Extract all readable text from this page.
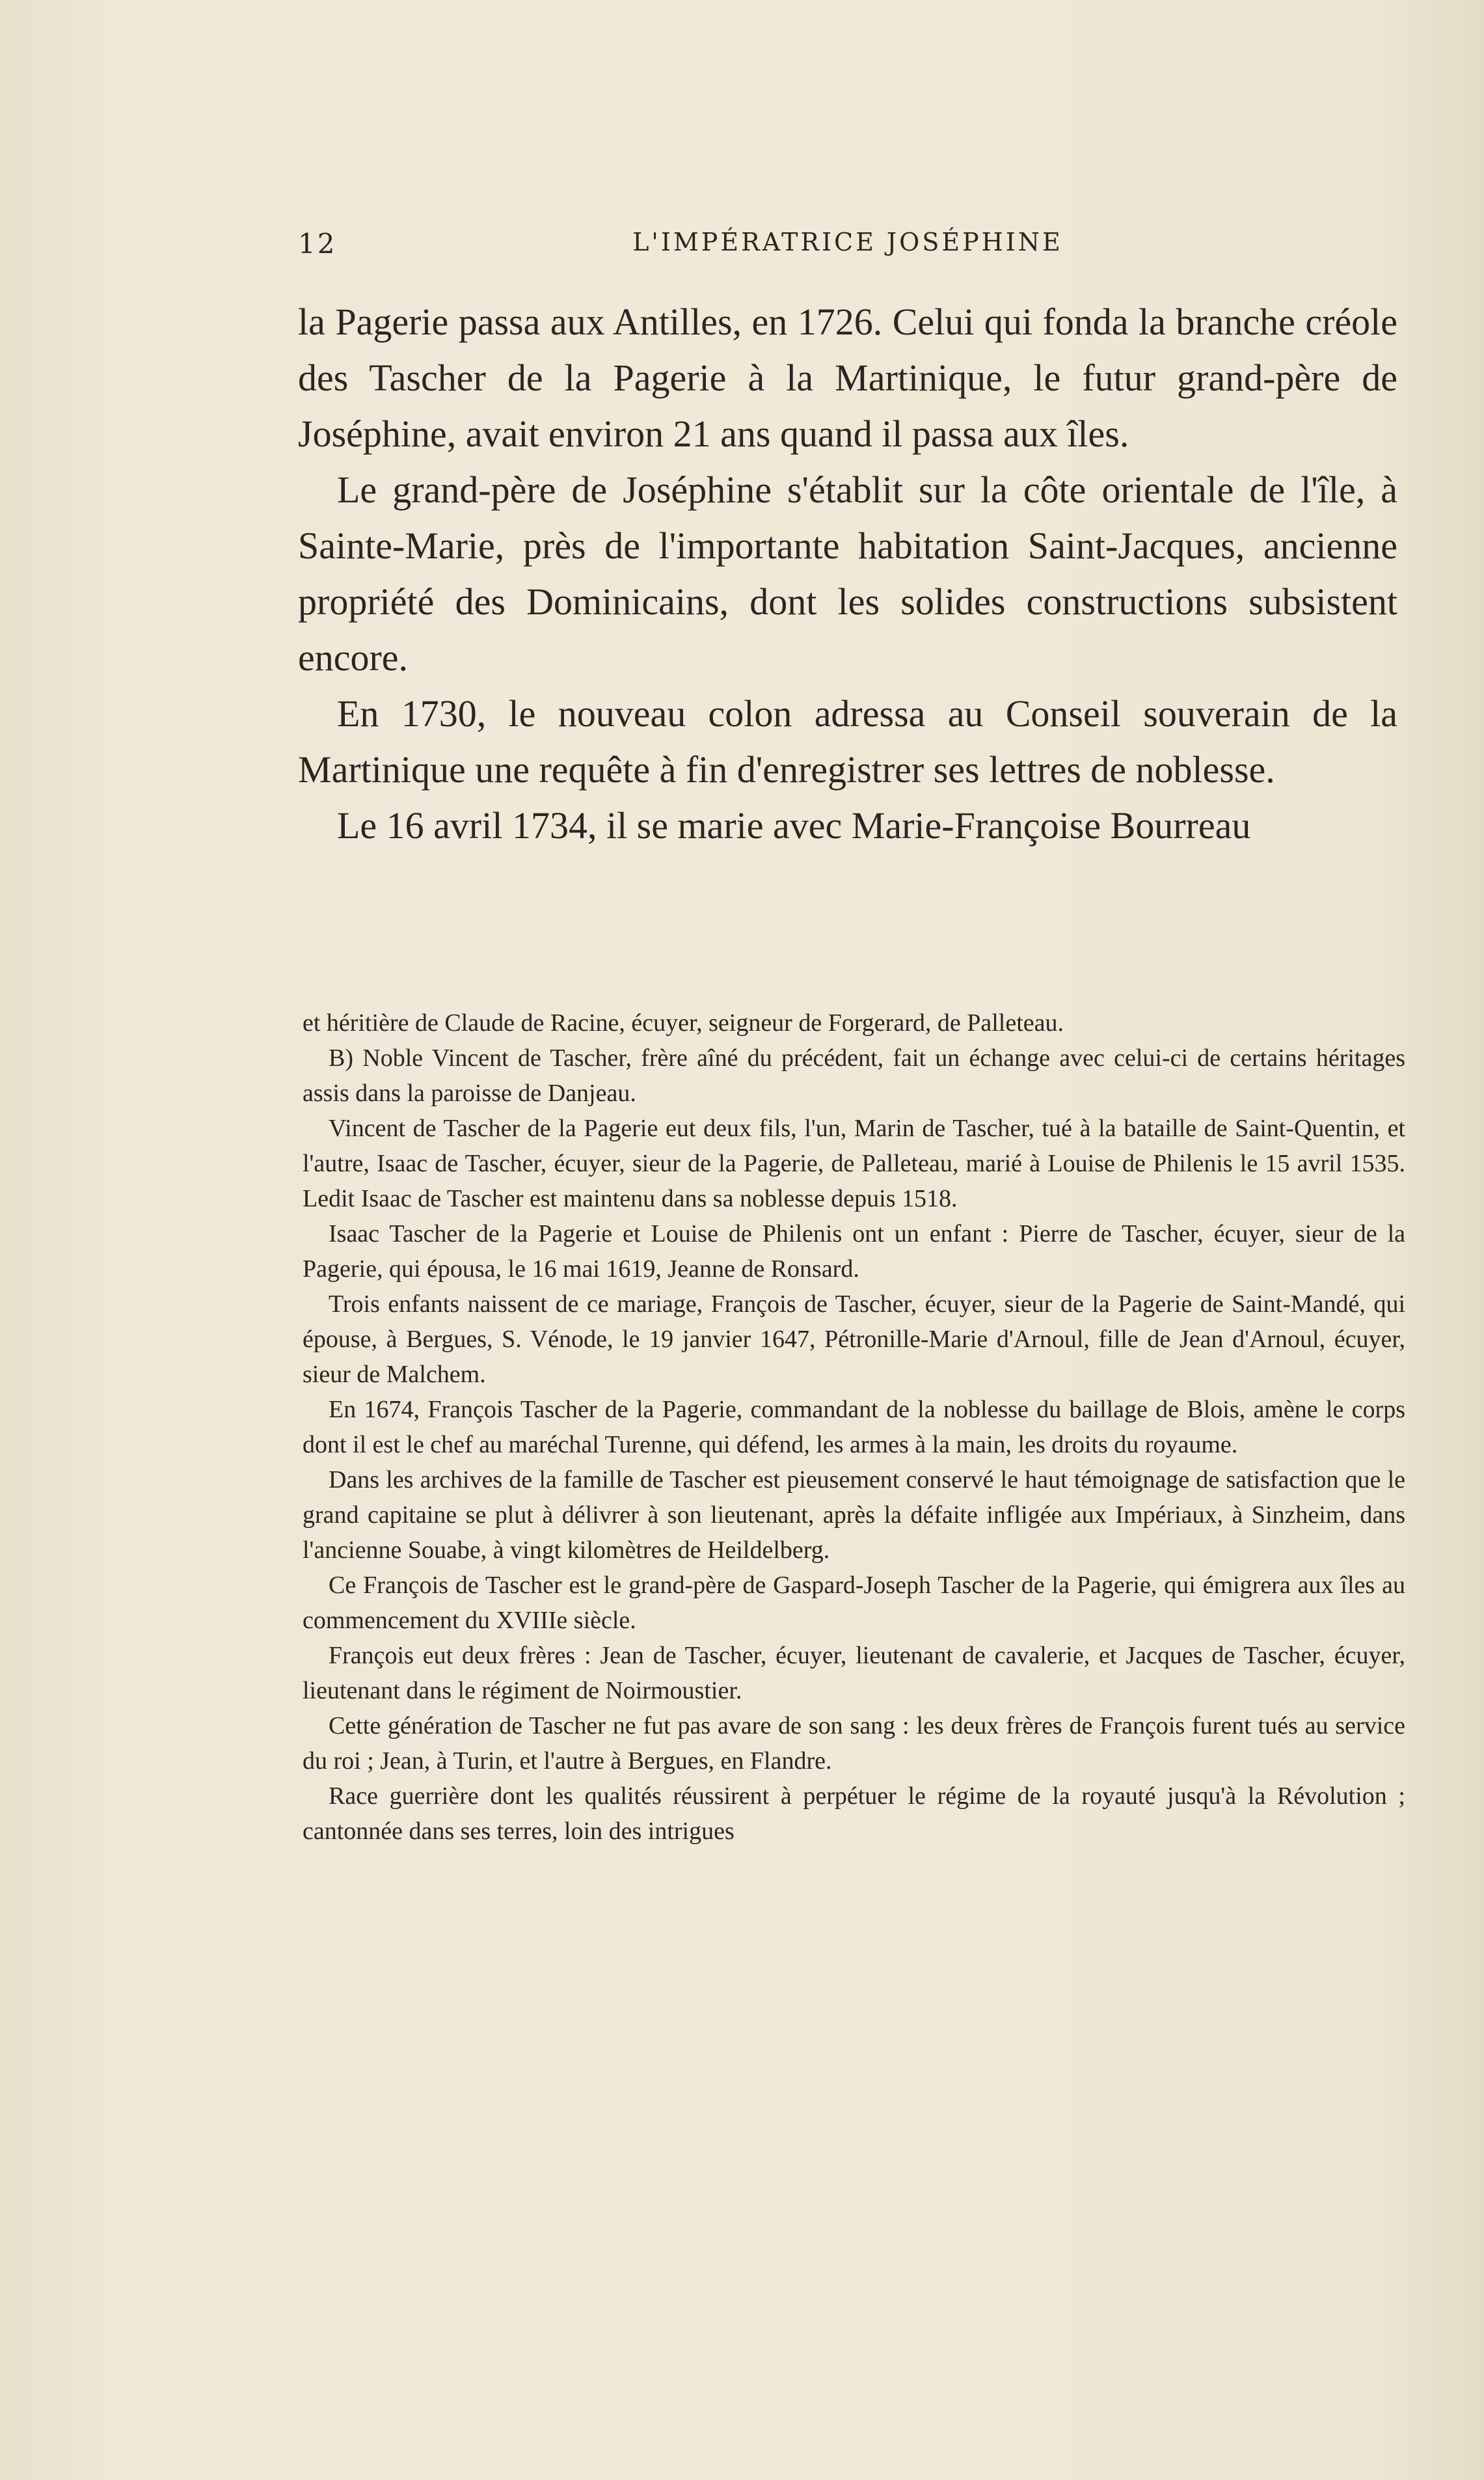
12	L'IMPÉRATRICE JOSÉPHINE

la Pagerie passa aux Antilles, en 1726. Celui qui fonda la branche créole des Tascher de la Pagerie à la Martinique, le futur grand-père de Joséphine, avait environ 21 ans quand il passa aux îles.

Le grand-père de Joséphine s'établit sur la côte orientale de l'île, à Sainte-Marie, près de l'importante habitation Saint-Jacques, ancienne propriété des Dominicains, dont les solides constructions subsistent encore.

En 1730, le nouveau colon adressa au Conseil souverain de la Martinique une requête à fin d'enregistrer ses lettres de noblesse.

Le 16 avril 1734, il se marie avec Marie-Françoise Bourreau

et héritière de Claude de Racine, écuyer, seigneur de Forgerard, de Palleteau.

B) Noble Vincent de Tascher, frère aîné du précédent, fait un échange avec celui-ci de certains héritages assis dans la paroisse de Danjeau.

Vincent de Tascher de la Pagerie eut deux fils, l'un, Marin de Tascher, tué à la bataille de Saint-Quentin, et l'autre, Isaac de Tascher, écuyer, sieur de la Pagerie, de Palleteau, marié à Louise de Philenis le 15 avril 1535. Ledit Isaac de Tascher est maintenu dans sa noblesse depuis 1518.

Isaac Tascher de la Pagerie et Louise de Philenis ont un enfant : Pierre de Tascher, écuyer, sieur de la Pagerie, qui épousa, le 16 mai 1619, Jeanne de Ronsard.

Trois enfants naissent de ce mariage, François de Tascher, écuyer, sieur de la Pagerie de Saint-Mandé, qui épouse, à Bergues, S. Vénode, le 19 janvier 1647, Pétronille-Marie d'Arnoul, fille de Jean d'Arnoul, écuyer, sieur de Malchem.

En 1674, François Tascher de la Pagerie, commandant de la noblesse du baillage de Blois, amène le corps dont il est le chef au maréchal Turenne, qui défend, les armes à la main, les droits du royaume.

Dans les archives de la famille de Tascher est pieusement conservé le haut témoignage de satisfaction que le grand capitaine se plut à délivrer à son lieutenant, après la défaite infligée aux Impériaux, à Sinzheim, dans l'ancienne Souabe, à vingt kilomètres de Heildelberg.

Ce François de Tascher est le grand-père de Gaspard-Joseph Tascher de la Pagerie, qui émigrera aux îles au commencement du XVIIIe siècle.

François eut deux frères : Jean de Tascher, écuyer, lieutenant de cavalerie, et Jacques de Tascher, écuyer, lieutenant dans le régiment de Noirmoustier.

Cette génération de Tascher ne fut pas avare de son sang : les deux frères de François furent tués au service du roi ; Jean, à Turin, et l'autre à Bergues, en Flandre.

Race guerrière dont les qualités réussirent à perpétuer le régime de la royauté jusqu'à la Révolution ; cantonnée dans ses terres, loin des intrigues
